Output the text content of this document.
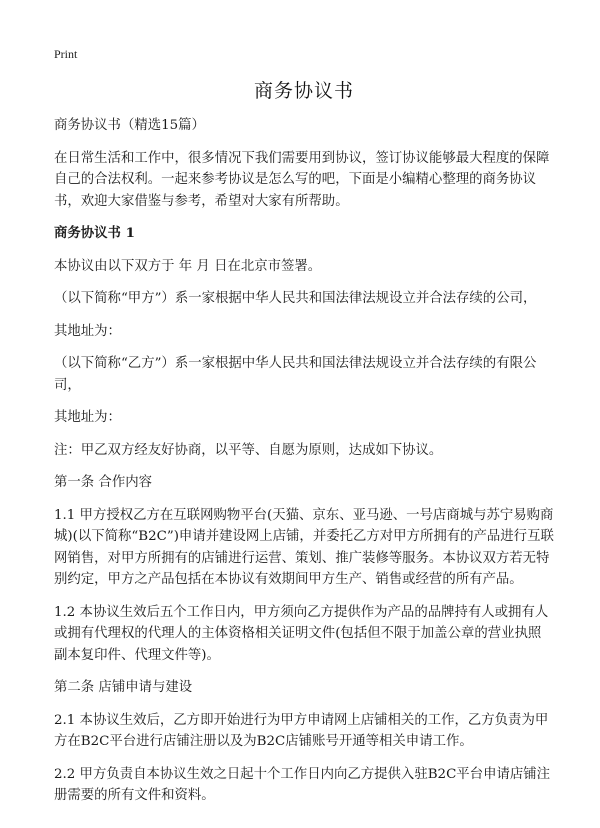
Print
商务协议书

商务协议书（精选15篇）

在日常生活和工作中，很多情况下我们需要用到协议，签订协议能够最大程度的保障自己的合法权利。一起来参考协议是怎么写的吧，下面是小编精心整理的商务协议书，欢迎大家借鉴与参考，希望对大家有所帮助。

商务协议书 1

本协议由以下双方于 年 月 日在北京市签署。

（以下简称“甲方”）系一家根据中华人民共和国法律法规设立并合法存续的公司，

其地址为：

（以下简称“乙方”）系一家根据中华人民共和国法律法规设立并合法存续的有限公司，

其地址为：

注：甲乙双方经友好协商，以平等、自愿为原则，达成如下协议。

第一条 合作内容

1.1 甲方授权乙方在互联网购物平台(天猫、京东、亚马逊、一号店商城与苏宁易购商城)(以下简称“B2C”)申请并建设网上店铺，并委托乙方对甲方所拥有的产品进行互联网销售，对甲方所拥有的店铺进行运营、策划、推广装修等服务。本协议双方若无特别约定，甲方之产品包括在本协议有效期间甲方生产、销售或经营的所有产品。

1.2 本协议生效后五个工作日内，甲方须向乙方提供作为产品的品牌持有人或拥有人或拥有代理权的代理人的主体资格相关证明文件(包括但不限于加盖公章的营业执照副本复印件、代理文件等)。

第二条 店铺申请与建设

2.1 本协议生效后，乙方即开始进行为甲方申请网上店铺相关的工作，乙方负责为甲方在B2C平台进行店铺注册以及为B2C店铺账号开通等相关申请工作。

2.2 甲方负责自本协议生效之日起十个工作日内向乙方提供入驻B2C平台申请店铺注册需要的所有文件和资料。
